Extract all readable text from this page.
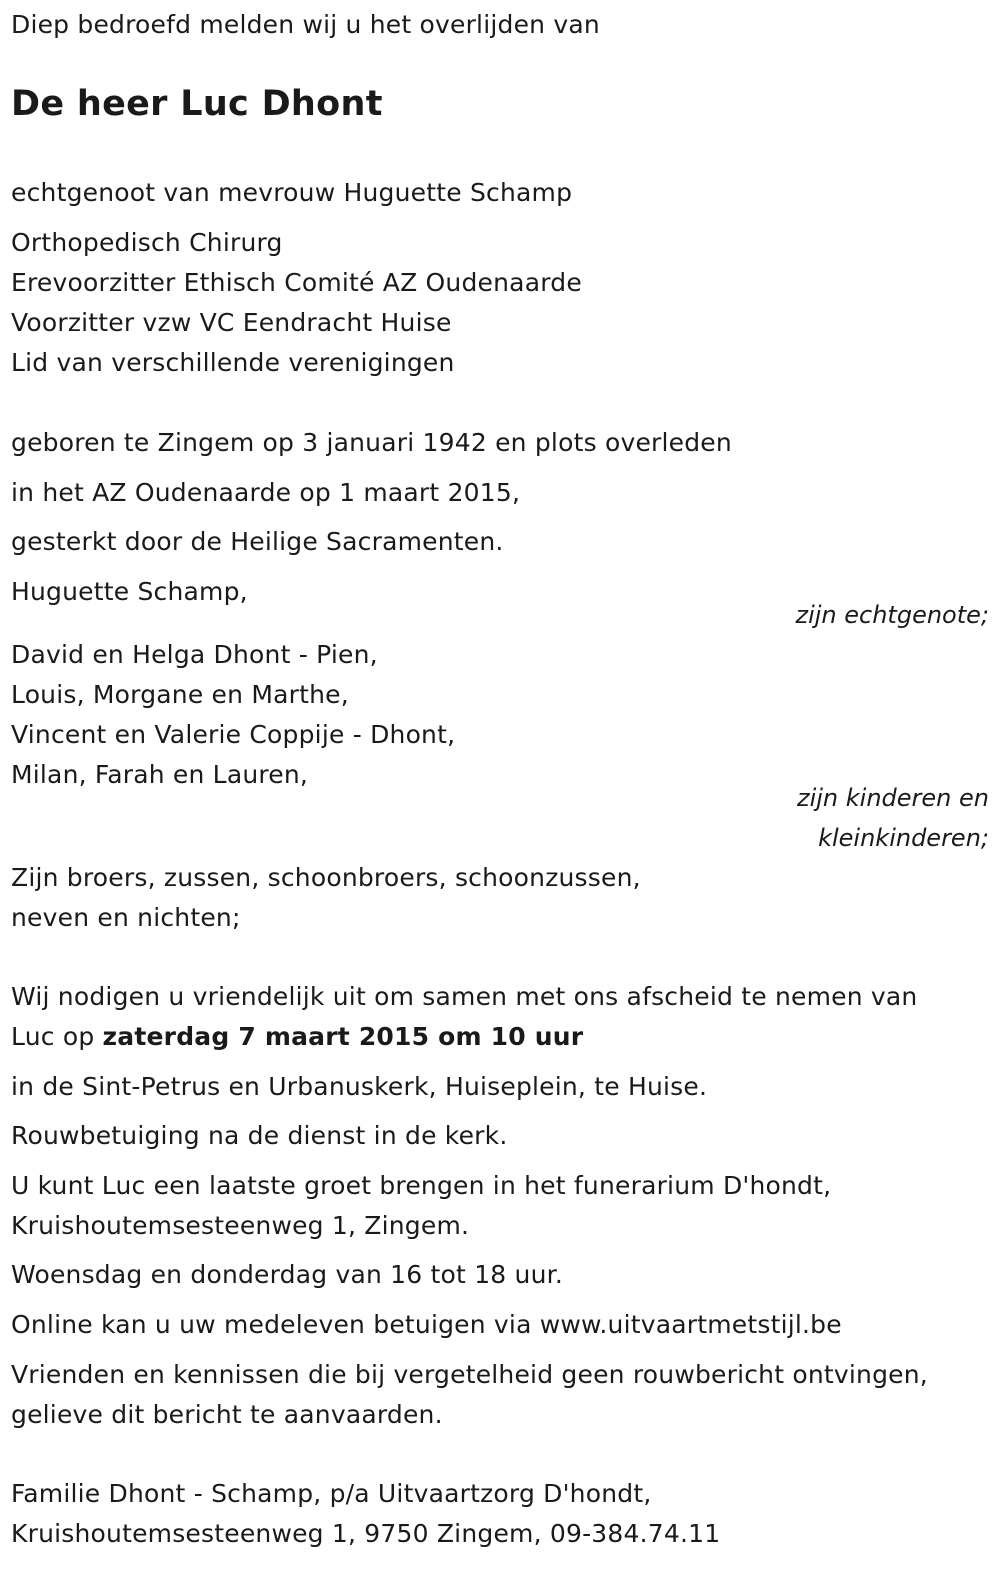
Diep bedroefd melden wij u het overlijden van
De heer Luc Dhont
echtgenoot van mevrouw Huguette Schamp
Orthopedisch Chirurg
Erevoorzitter Ethisch Comité AZ Oudenaarde
Voorzitter vzw VC Eendracht Huise
Lid van verschillende verenigingen
geboren te Zingem op 3 januari 1942 en plots overleden
in het AZ Oudenaarde op 1 maart 2015,
gesterkt door de Heilige Sacramenten.
Huguette Schamp,
zijn echtgenote;
David en Helga Dhont - Pien,
Louis, Morgane en Marthe,
Vincent en Valerie Coppije - Dhont,
Milan, Farah en Lauren,
zijn kinderen en
kleinkinderen;
Zijn broers, zussen, schoonbroers, schoonzussen,
neven en nichten;
Wij nodigen u vriendelijk uit om samen met ons afscheid te nemen van
Luc op zaterdag 7 maart 2015 om 10 uur
in de Sint-Petrus en Urbanuskerk, Huiseplein, te Huise.
Rouwbetuiging na de dienst in de kerk.
U kunt Luc een laatste groet brengen in het funerarium D'hondt,
Kruishoutemsesteenweg 1, Zingem.
Woensdag en donderdag van 16 tot 18 uur.
Online kan u uw medeleven betuigen via www.uitvaartmetstijl.be
Vrienden en kennissen die bij vergetelheid geen rouwbericht ontvingen,
gelieve dit bericht te aanvaarden.
Familie Dhont - Schamp, p/a Uitvaartzorg D'hondt,
Kruishoutemsesteenweg 1, 9750 Zingem, 09-384.74.11
